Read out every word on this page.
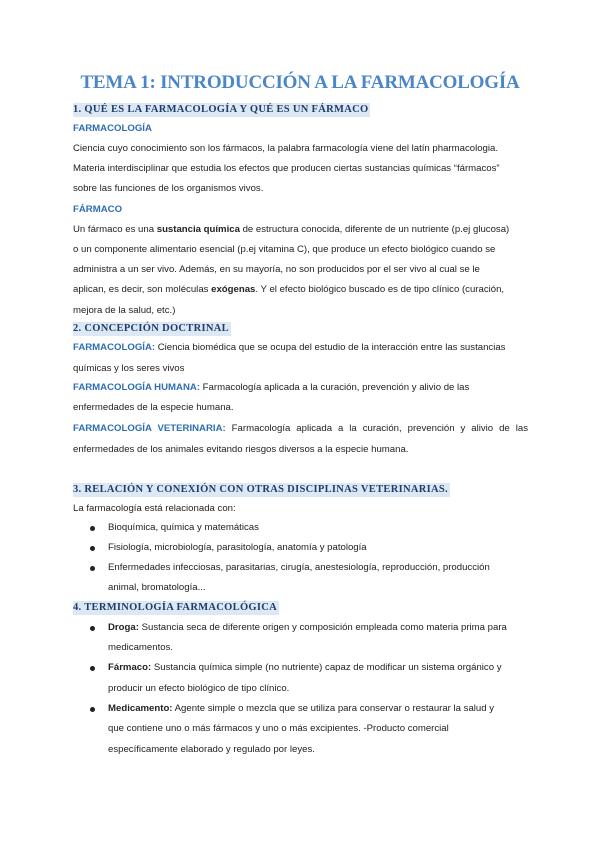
TEMA 1: INTRODUCCIÓN A LA FARMACOLOGÍA
1. QUÉ ES LA FARMACOLOGÍA Y QUÉ ES UN FÁRMACO
FARMACOLOGÍA
Ciencia cuyo conocimiento son los fármacos, la palabra farmacología viene del latín pharmacologia.
Materia interdisciplinar que estudia los efectos que producen ciertas sustancias químicas “fármacos”
sobre las funciones de los organismos vivos.
FÁRMACO
Un fármaco es una sustancia química de estructura conocida, diferente de un nutriente (p.ej glucosa)
o un componente alimentario esencial (p.ej vitamina C), que produce un efecto biológico cuando se
administra a un ser vivo. Además, en su mayoría, no son producidos por el ser vivo al cual se le
aplican, es decir, son moléculas exógenas. Y el efecto biológico buscado es de tipo clínico (curación,
mejora de la salud, etc.)
2. CONCEPCIÓN DOCTRINAL
FARMACOLOGÍA: Ciencia biomédica que se ocupa del estudio de la interacción entre las sustancias
químicas y los seres vivos
FARMACOLOGÍA HUMANA: Farmacología aplicada a la curación, prevención y alivio de las
enfermedades de la especie humana.
FARMACOLOGÍA VETERINARIA: Farmacología aplicada a la curación, prevención y alivio de las
enfermedades de los animales evitando riesgos diversos a la especie humana.
3. RELACIÓN Y CONEXIÓN CON OTRAS DISCIPLINAS VETERINARIAS.
La farmacología está relacionada con:
Bioquímica, química y matemáticas
Fisiología, microbiología, parasitología, anatomía y patología
Enfermedades infecciosas, parasitarias, cirugía, anestesiología, reproducción, producción
animal, bromatología...
4. TERMINOLOGÍA FARMACOLÓGICA
Droga: Sustancia seca de diferente origen y composición empleada como materia prima para
medicamentos.
Fármaco: Sustancia química simple (no nutriente) capaz de modificar un sistema orgánico y
producir un efecto biológico de tipo clínico.
Medicamento: Agente simple o mezcla que se utiliza para conservar o restaurar la salud y
que contiene uno o más fármacos y uno o más excipientes. -Producto comercial
específicamente elaborado y regulado por leyes.
